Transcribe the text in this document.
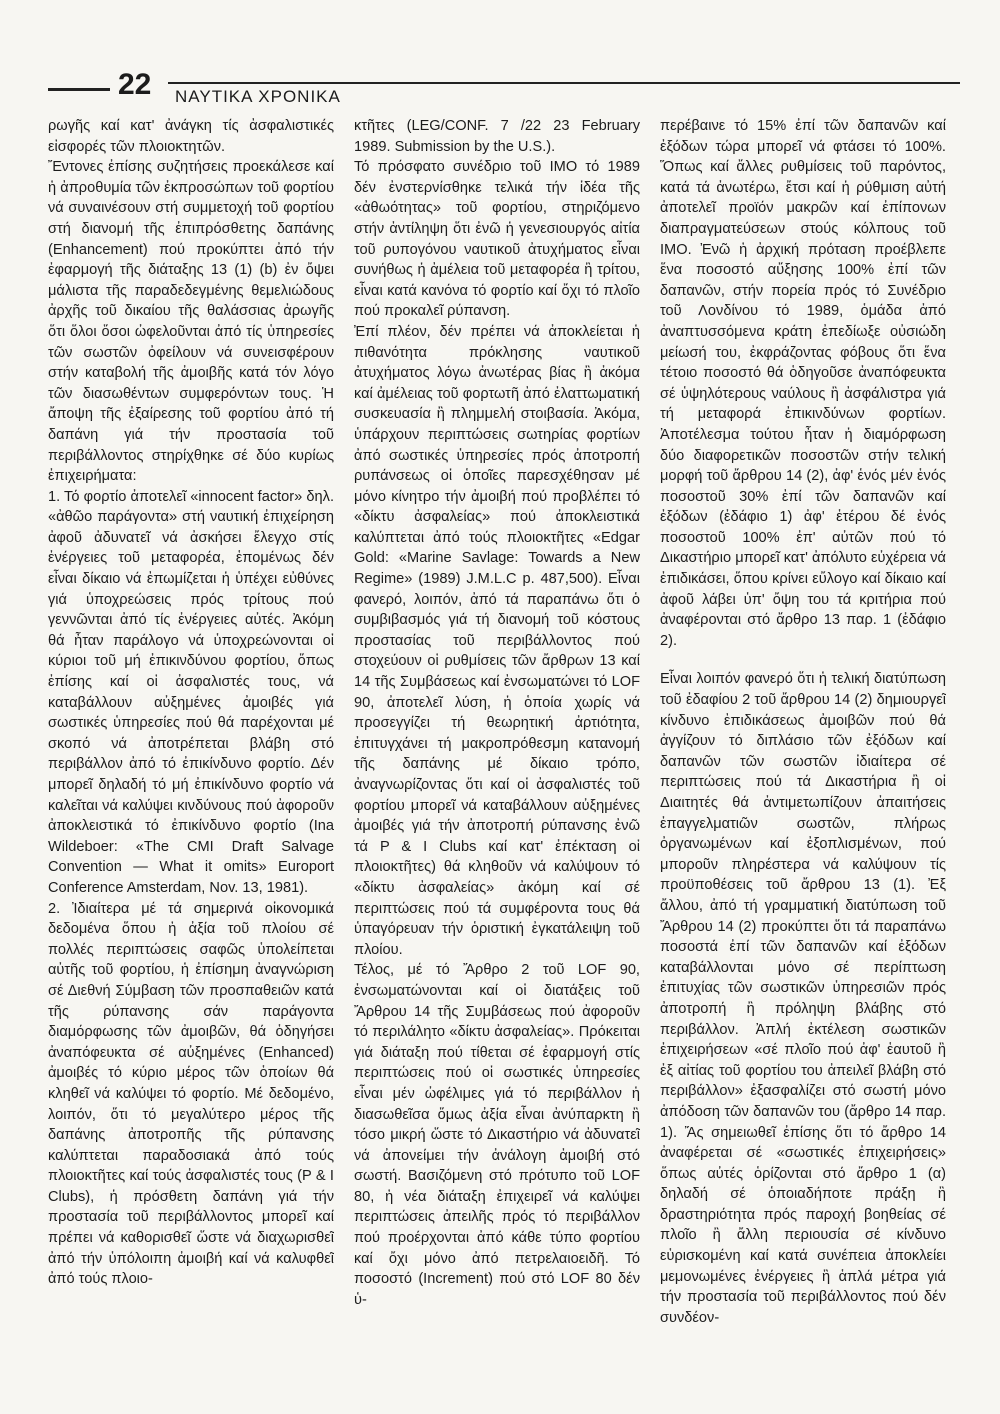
22 ΝΑΥΤΙΚΑ ΧΡΟΝΙΚΑ

ρωγῆς καί κατ' ἀνάγκη τίς ἀσφαλιστικές εἰσφορές τῶν πλοιοκτητῶν.

Ἔντονες ἐπίσης συζητήσεις προεκάλεσε καί ἡ ἀπροθυμία τῶν ἐκπροσώπων τοῦ φορτίου νά συναινέσουν στή συμμετοχή τοῦ φορτίου στή διανομή τῆς ἐπιπρόσθετης δαπάνης (Enhancement) πού προκύπτει ἀπό τήν ἐφαρμογή τῆς διάταξης 13 (1) (b) ἐν ὄψει μάλιστα τῆς παραδεδεγμένης θεμελιώδους ἀρχῆς τοῦ δικαίου τῆς θαλάσσιας ἀρωγῆς ὅτι ὅλοι ὅσοι ὠφελοῦνται ἀπό τίς ὑπηρεσίες τῶν σωστῶν ὀφείλουν νά συνεισφέρουν στήν καταβολή τῆς ἀμοιβῆς κατά τόν λόγο τῶν διασωθέντων συμφερόντων τους. Ἡ ἄποψη τῆς ἐξαίρεσης τοῦ φορτίου ἀπό τή δαπάνη γιά τήν προστασία τοῦ περιβάλλοντος στηρίχθηκε σέ δύο κυρίως ἐπιχειρήματα:

1. Τό φορτίο ἀποτελεῖ «innocent factor» δηλ. «ἀθῶο παράγοντα» στή ναυτική ἐπιχείρηση ἀφοῦ ἀδυνατεῖ νά ἀσκήσει ἔλεγχο στίς ἐνέργειες τοῦ μεταφορέα, ἑπομένως δέν εἶναι δίκαιο νά ἐπωμίζεται ἡ ὑπέχει εὐθύνες γιά ὑποχρεώσεις πρός τρίτους πού γεννῶνται ἀπό τίς ἐνέργειες αὐτές. Ἀκόμη θά ἦταν παράλογο νά ὑποχρεώνονται οἱ κύριοι τοῦ μή ἐπικινδύνου φορτίου, ὅπως ἐπίσης καί οἱ ἀσφαλιστές τους, νά καταβάλλουν αὐξημένες ἀμοιβές γιά σωστικές ὑπηρεσίες πού θά παρέχονται μέ σκοπό νά ἀποτρέπεται βλάβη στό περιβάλλον ἀπό τό ἐπικίνδυνο φορτίο. Δέν μπορεῖ δηλαδή τό μή ἐπικίνδυνο φορτίο νά καλεῖται νά καλύψει κινδύνους πού ἀφοροῦν ἀποκλειστικά τό ἐπικίνδυνο φορτίο (Ina Wildeboer: «The CMI Draft Salvage Convention — What it omits» Europort Conference Amsterdam, Nov. 13, 1981).

2. Ἰδιαίτερα μέ τά σημερινά οἰκονομικά δεδομένα ὅπου ἡ ἀξία τοῦ πλοίου σέ πολλές περιπτώσεις σαφῶς ὑπολείπεται αὐτῆς τοῦ φορτίου, ἡ ἐπίσημη ἀναγνώριση σέ Διεθνή Σύμβαση τῶν προσπαθειῶν κατά τῆς ρύπανσης σάν παράγοντα διαμόρφωσης τῶν ἀμοιβῶν, θά ὁδηγήσει ἀναπόφευκτα σέ αὐξημένες (Enhanced) ἀμοιβές τό κύριο μέρος τῶν ὁποίων θά κληθεῖ νά καλύψει τό φορτίο. Μέ δεδομένο, λοιπόν, ὅτι τό μεγαλύτερο μέρος τῆς δαπάνης ἀποτροπῆς τῆς ρύπανσης καλύπτεται παραδοσιακά ἀπό τούς πλοιοκτῆτες καί τούς ἀσφαλιστές τους (P & I Clubs), ἡ πρόσθετη δαπάνη γιά τήν προστασία τοῦ περιβάλλοντος μπορεῖ καί πρέπει νά καθορισθεῖ ὥστε νά διαχωρισθεῖ ἀπό τήν ὑπόλοιπη ἀμοιβή καί νά καλυφθεῖ ἀπό τούς πλοιο-

κτῆτες (LEG/CONF. 7 /22 23 February 1989. Submission by the U.S.).

Τό πρόσφατο συνέδριο τοῦ IMO τό 1989 δέν ἐνστερνίσθηκε τελικά τήν ἰδέα τῆς «ἀθωότητας» τοῦ φορτίου, στηριζόμενο στήν ἀντίληψη ὅτι ἐνῶ ἡ γενεσιουργός αἰτία τοῦ ρυπογόνου ναυτικοῦ ἀτυχήματος εἶναι συνήθως ἡ ἀμέλεια τοῦ μεταφορέα ἢ τρίτου, εἶναι κατά κανόνα τό φορτίο καί ὄχι τό πλοῖο πού προκαλεῖ ρύπανση.

Ἐπί πλέον, δέν πρέπει νά ἀποκλείεται ἡ πιθανότητα πρόκλησης ναυτικοῦ ἀτυχήματος λόγω ἀνωτέρας βίας ἢ ἀκόμα καί ἀμέλειας τοῦ φορτωτῆ ἀπό ἐλαττωματική συσκευασία ἢ πλημμελή στοιβασία. Ἀκόμα, ὑπάρχουν περιπτώσεις σωτηρίας φορτίων ἀπό σωστικές ὑπηρεσίες πρός ἀποτροπή ρυπάνσεως οἱ ὁποῖες παρεσχέθησαν μέ μόνο κίνητρο τήν ἀμοιβή πού προβλέπει τό «δίκτυ ἀσφαλείας» πού ἀποκλειστικά καλύπτεται ἀπό τούς πλοιοκτῆτες «Edgar Gold: «Marine Savlage: Towards a New Regime» (1989) J.M.L.C p. 487,500). Εἶναι φανερό, λοιπόν, ἀπό τά παραπάνω ὅτι ὁ συμβιβασμός γιά τή διανομή τοῦ κόστους προστασίας τοῦ περιβάλλοντος πού στοχεύουν οἱ ρυθμίσεις τῶν ἄρθρων 13 καί 14 τῆς Συμβάσεως καί ἐνσωματώνει τό LOF 90, ἀποτελεῖ λύση, ἡ ὁποία χωρίς νά προσεγγίζει τή θεωρητική ἀρτιότητα, ἐπιτυγχάνει τή μακροπρόθεσμη κατανομή τῆς δαπάνης μέ δίκαιο τρόπο, ἀναγνωρίζοντας ὅτι καί οἱ ἀσφαλιστές τοῦ φορτίου μπορεῖ νά καταβάλλουν αὐξημένες ἀμοιβές γιά τήν ἀποτροπή ρύπανσης ἐνῶ τά P & I Clubs καί κατ' ἐπέκταση οἱ πλοιοκτῆτες) θά κληθοῦν νά καλύψουν τό «δίκτυ ἀσφαλείας» ἀκόμη καί σέ περιπτώσεις πού τά συμφέροντα τους θά ὑπαγόρευαν τήν ὁριστική ἐγκατάλειψη τοῦ πλοίου.

Τέλος, μέ τό Ἄρθρο 2 τοῦ LOF 90, ἐνσωματώνονται καί οἱ διατάξεις τοῦ Ἄρθρου 14 τῆς Συμβάσεως πού ἀφοροῦν τό περιλάλητο «δίκτυ ἀσφαλείας». Πρόκειται γιά διάταξη πού τίθεται σέ ἐφαρμογή στίς περιπτώσεις πού οἱ σωστικές ὑπηρεσίες εἶναι μέν ὠφέλιμες γιά τό περιβάλλον ἡ διασωθεῖσα ὅμως ἀξία εἶναι ἀνύπαρκτη ἢ τόσο μικρή ὥστε τό Δικαστήριο νά ἀδυνατεῖ νά ἀπονείμει τήν ἀνάλογη ἀμοιβή στό σωστή. Βασιζόμενη στό πρότυπο τοῦ LOF 80, ἡ νέα διάταξη ἐπιχειρεῖ νά καλύψει περιπτώσεις ἀπειλῆς πρός τό περιβάλλον πού προέρχονται ἀπό κάθε τύπο φορτίου καί ὄχι μόνο ἀπό πετρελαιοειδῆ. Τό ποσοστό (Increment) πού στό LOF 80 δέν ὑ-

περέβαινε τό 15% ἐπί τῶν δαπανῶν καί ἐξόδων τώρα μπορεῖ νά φτάσει τό 100%. Ὅπως καί ἄλλες ρυθμίσεις τοῦ παρόντος, κατά τά ἀνωτέρω, ἔτσι καί ἡ ρύθμιση αὐτή ἀποτελεῖ προϊόν μακρῶν καί ἐπίπονων διαπραγματεύσεων στούς κόλπους τοῦ IMO. Ἐνῶ ἡ ἀρχική πρόταση προέβλεπε ἕνα ποσοστό αὔξησης 100% ἐπί τῶν δαπανῶν, στήν πορεία πρός τό Συνέδριο τοῦ Λονδίνου τό 1989, ὁμάδα ἀπό ἀναπτυσσόμενα κράτη ἐπεδίωξε οὐσιώδη μείωσή του, ἐκφράζοντας φόβους ὅτι ἕνα τέτοιο ποσοστό θά ὁδηγοῦσε ἀναπόφευκτα σέ ὑψηλότερους ναύλους ἢ ἀσφάλιστρα γιά τή μεταφορά ἐπικινδύνων φορτίων. Ἀποτέλεσμα τούτου ἦταν ἡ διαμόρφωση δύο διαφορετικῶν ποσοστῶν στήν τελική μορφή τοῦ ἄρθρου 14 (2), ἀφ' ἑνός μέν ἑνός ποσοστοῦ 30% ἐπί τῶν δαπανῶν καί ἐξόδων (ἐδάφιο 1) ἀφ' ἑτέρου δέ ἑνός ποσοστοῦ 100% ἐπ' αὐτῶν πού τό Δικαστήριο μπορεῖ κατ' ἀπόλυτο εὐχέρεια νά ἐπιδικάσει, ὅπου κρίνει εὔλογο καί δίκαιο καί ἀφοῦ λάβει ὑπ' ὄψη του τά κριτήρια πού ἀναφέρονται στό ἄρθρο 13 παρ. 1 (ἐδάφιο 2).

Εἶναι λοιπόν φανερό ὅτι ἡ τελική διατύπωση τοῦ ἐδαφίου 2 τοῦ ἄρθρου 14 (2) δημιουργεῖ κίνδυνο ἐπιδικάσεως ἀμοιβῶν πού θά ἀγγίζουν τό διπλάσιο τῶν ἐξόδων καί δαπανῶν τῶν σωστῶν ἰδιαίτερα σέ περιπτώσεις πού τά Δικαστήρια ἢ οἱ Διαιτητές θά ἀντιμετωπίζουν ἀπαιτήσεις ἐπαγγελματιῶν σωστῶν, πλήρως ὀργανωμένων καί ἐξοπλισμένων, πού μποροῦν πληρέστερα νά καλύψουν τίς προϋποθέσεις τοῦ ἄρθρου 13 (1). Ἐξ ἄλλου, ἀπό τή γραμματική διατύπωση τοῦ Ἄρθρου 14 (2) προκύπτει ὅτι τά παραπάνω ποσοστά ἐπί τῶν δαπανῶν καί ἐξόδων καταβάλλονται μόνο σέ περίπτωση ἐπιτυχίας τῶν σωστικῶν ὑπηρεσιῶν πρός ἀποτροπή ἢ πρόληψη βλάβης στό περιβάλλον. Ἀπλή ἐκτέλεση σωστικῶν ἐπιχειρήσεων «σέ πλοῖο πού ἀφ' ἑαυτοῦ ἢ ἐξ αἰτίας τοῦ φορτίου του ἀπειλεῖ βλάβη στό περιβάλλον» ἐξασφαλίζει στό σωστή μόνο ἀπόδοση τῶν δαπανῶν του (ἄρθρο 14 παρ. 1). Ἄς σημειωθεῖ ἐπίσης ὅτι τό ἄρθρο 14 ἀναφέρεται σέ «σωστικές ἐπιχειρήσεις» ὅπως αὐτές ὁρίζονται στό ἄρθρο 1 (α) δηλαδή σέ ὁποιαδήποτε πράξη ἢ δραστηριότητα πρός παροχή βοηθείας σέ πλοῖο ἢ ἄλλη περιουσία σέ κίνδυνο εὑρισκομένη καί κατά συνέπεια ἀποκλείει μεμονωμένες ἐνέργειες ἢ ἁπλά μέτρα γιά τήν προστασία τοῦ περιβάλλοντος πού δέν συνδέον-
